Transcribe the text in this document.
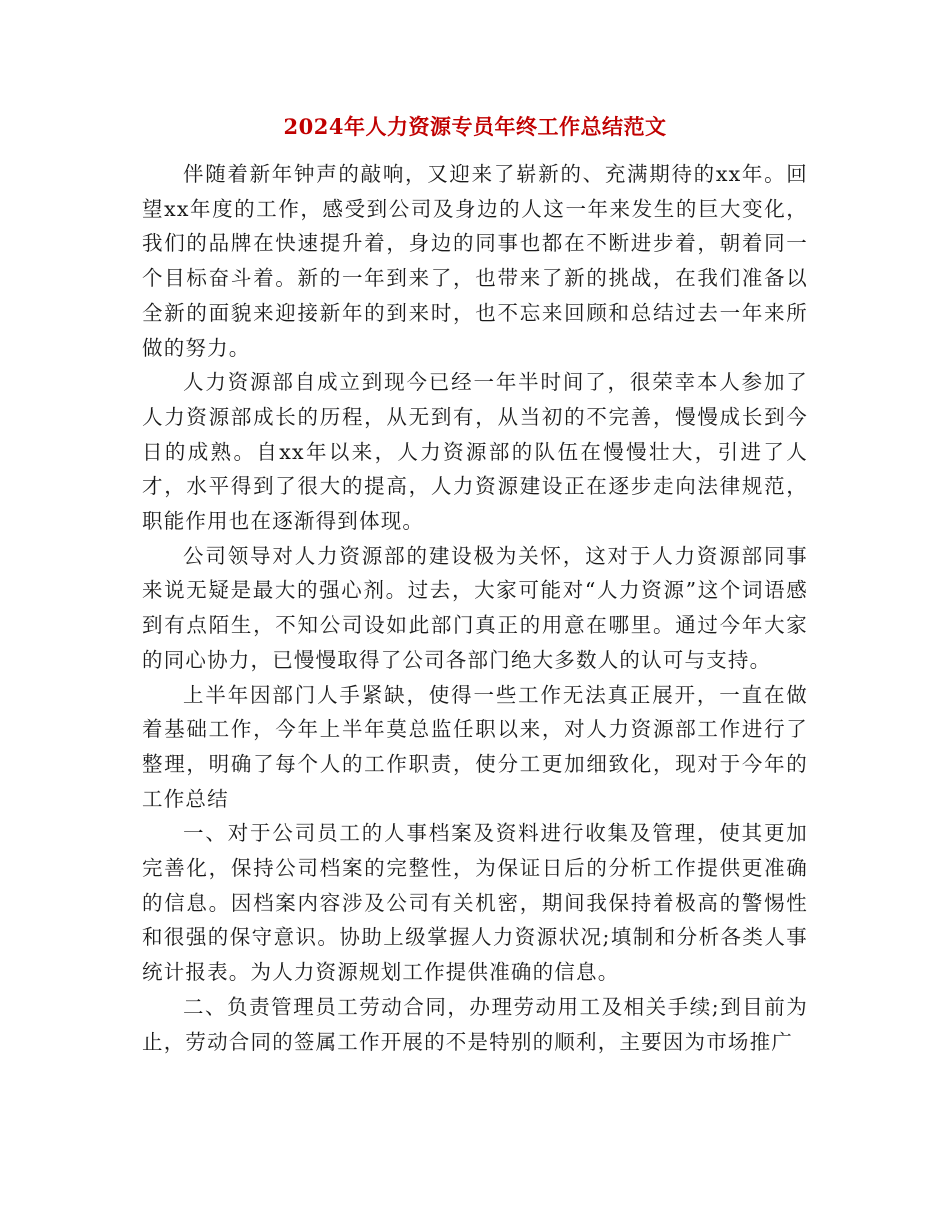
2024年人力资源专员年终工作总结范文

伴随着新年钟声的敲响，又迎来了崭新的、充满期待的xx年。回望xx年度的工作，感受到公司及身边的人这一年来发生的巨大变化，我们的品牌在快速提升着，身边的同事也都在不断进步着，朝着同一个目标奋斗着。新的一年到来了，也带来了新的挑战，在我们准备以全新的面貌来迎接新年的到来时，也不忘来回顾和总结过去一年来所做的努力。

人力资源部自成立到现今已经一年半时间了，很荣幸本人参加了人力资源部成长的历程，从无到有，从当初的不完善，慢慢成长到今日的成熟。自xx年以来，人力资源部的队伍在慢慢壮大，引进了人才，水平得到了很大的提高，人力资源建设正在逐步走向法律规范，职能作用也在逐渐得到体现。

公司领导对人力资源部的建设极为关怀，这对于人力资源部同事来说无疑是最大的强心剂。过去，大家可能对“人力资源”这个词语感到有点陌生，不知公司设如此部门真正的用意在哪里。通过今年大家的同心协力，已慢慢取得了公司各部门绝大多数人的认可与支持。

上半年因部门人手紧缺，使得一些工作无法真正展开，一直在做着基础工作，今年上半年莫总监任职以来，对人力资源部工作进行了整理，明确了每个人的工作职责，使分工更加细致化，现对于今年的工作总结

一、对于公司员工的人事档案及资料进行收集及管理，使其更加完善化，保持公司档案的完整性，为保证日后的分析工作提供更准确的信息。因档案内容涉及公司有关机密，期间我保持着极高的警惕性和很强的保守意识。协助上级掌握人力资源状况;填制和分析各类人事统计报表。为人力资源规划工作提供准确的信息。

二、负责管理员工劳动合同，办理劳动用工及相关手续;到目前为止，劳动合同的签属工作开展的不是特别的顺利，主要因为市场推广
